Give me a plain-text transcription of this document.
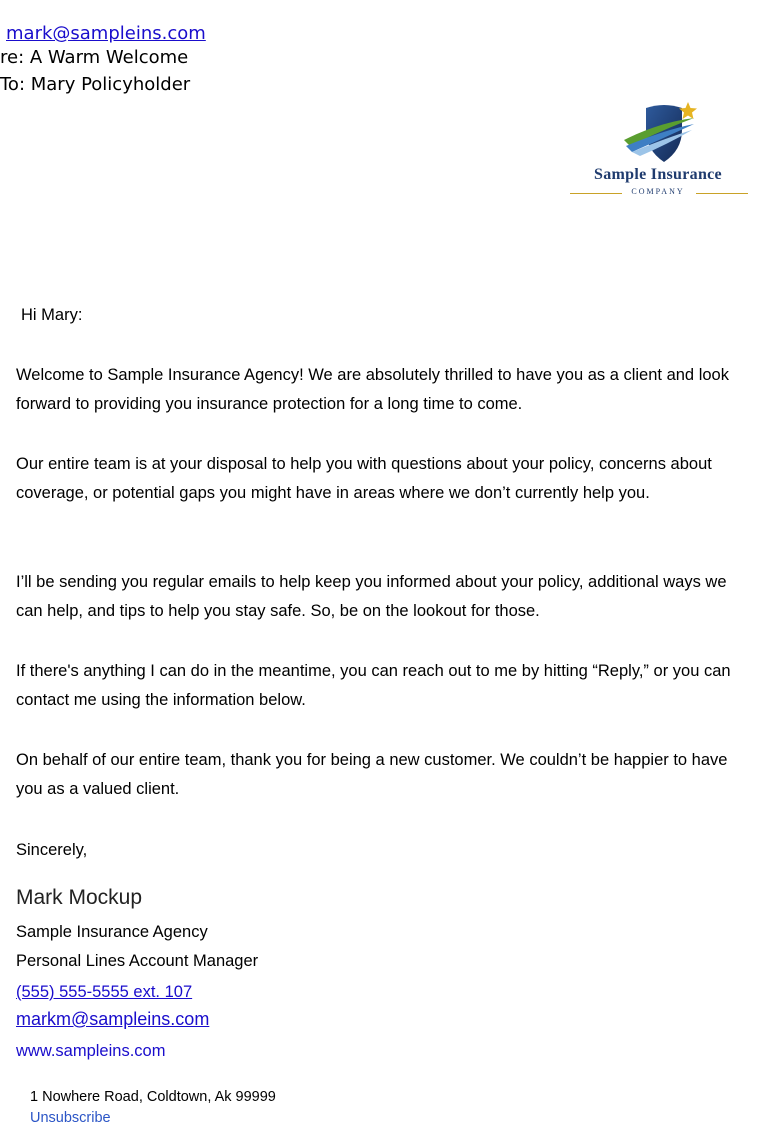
mark@sampleins.com
re: A Warm Welcome
To: Mary Policyholder
Sample Insurance
COMPANY
Hi Mary:
Welcome to Sample Insurance Agency! We are absolutely thrilled to have you as a client and look forward to providing you insurance protection for a long time to come.
Our entire team is at your disposal to help you with questions about your policy, concerns about coverage, or potential gaps you might have in areas where we don’t currently help you.
I’ll be sending you regular emails to help keep you informed about your policy, additional ways we can help, and tips to help you stay safe. So, be on the lookout for those.
If there's anything I can do in the meantime, you can reach out to me by hitting “Reply,” or you can contact me using the information below.
On behalf of our entire team, thank you for being a new customer. We couldn’t be happier to have you as a valued client.
Sincerely,
Mark Mockup
Sample Insurance Agency
Personal Lines Account Manager
(555) 555-5555 ext. 107
markm@sampleins.com
www.sampleins.com
1 Nowhere Road, Coldtown, Ak 99999
Unsubscribe
